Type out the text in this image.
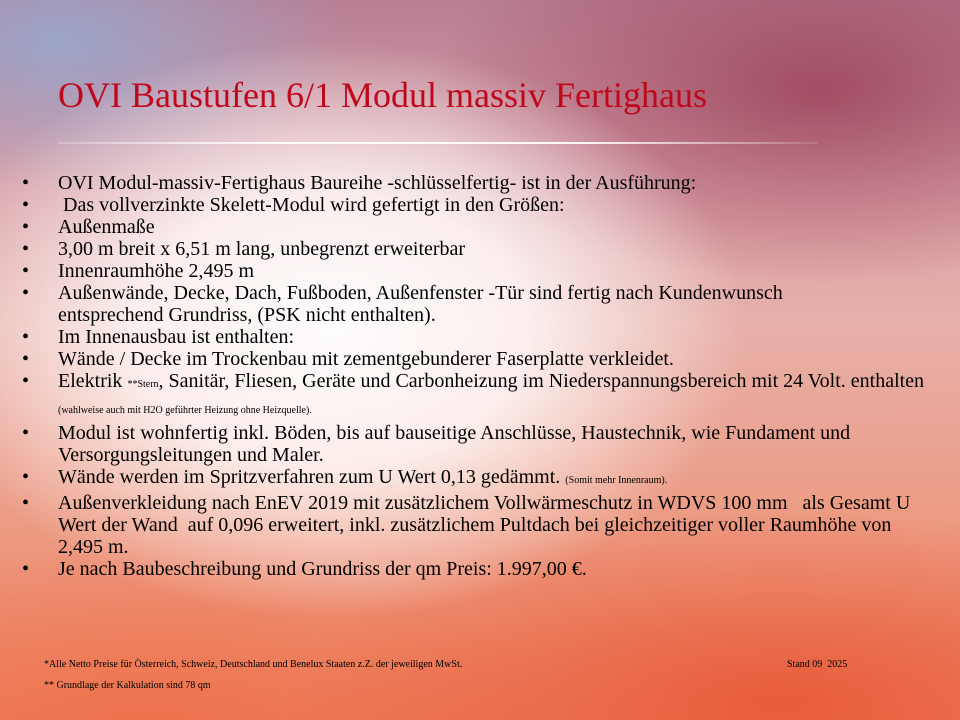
OVI Baustufen 6/1 Modul massiv Fertighaus
• OVI Modul-massiv-Fertighaus Baureihe -schlüsselfertig- ist in der Ausführung:
•  Das vollverzinkte Skelett-Modul wird gefertigt in den Größen:
• Außenmaße
• 3,00 m breit x 6,51 m lang, unbegrenzt erweiterbar
• Innenraumhöhe 2,495 m
• Außenwände, Decke, Dach, Fußboden, Außenfenster -Tür sind fertig nach Kundenwunsch entsprechend Grundriss, (PSK nicht enthalten).
• Im Innenausbau ist enthalten:
• Wände / Decke im Trockenbau mit zementgebunderer Faserplatte verkleidet.
• Elektrik **Stern, Sanitär, Fliesen, Geräte und Carbonheizung im Niederspannungsbereich mit 24 Volt. enthalten (wahlweise auch mit H2O geführter Heizung ohne Heizquelle).
• Modul ist wohnfertig inkl. Böden, bis auf bauseitige Anschlüsse, Haustechnik, wie Fundament und Versorgungsleitungen und Maler.
• Wände werden im Spritzverfahren zum U Wert 0,13 gedämmt. (Somit mehr Innenraum).
• Außenverkleidung nach EnEV 2019 mit zusätzlichem Vollwärmeschutz in WDVS 100 mm   als Gesamt U Wert der Wand  auf 0,096 erweitert, inkl. zusätzlichem Pultdach bei gleichzeitiger voller Raumhöhe von 2,495 m.
• Je nach Baubeschreibung und Grundriss der qm Preis: 1.997,00 €.
*Alle Netto Preise für Österreich, Schweiz, Deutschland und Benelux Staaten z.Z. der jeweiligen MwSt.
** Grundlage der Kalkulation sind 78 qm
Stand 09  2025
